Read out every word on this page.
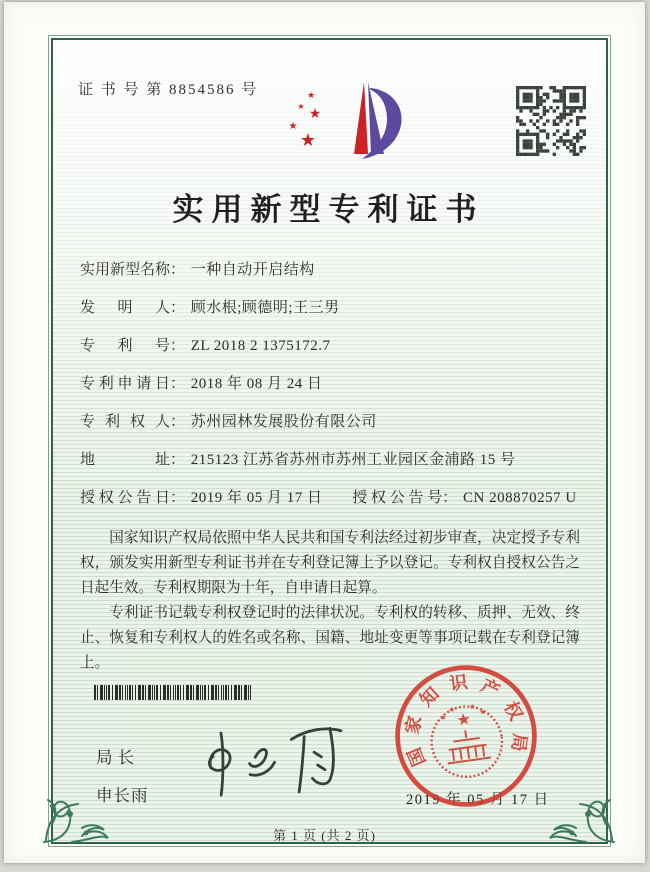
证 书 号 第 8854586 号	★
★
★
★
★
实用新型专利证书
实用新型名称： 一种自动开启结构
发明人： 顾水根;顾德明;王三男
专利号： ZL 2018 2 1375172.7
专利申请日： 2018 年 08 月 24 日
专利权人： 苏州园林发展股份有限公司
地址： 215123 江苏省苏州市苏州工业园区金浦路 15 号
授权公告日： 2019 年 05 月 17 日 授权公告号： CN 208870257 U

国家知识产权局依照中华人民共和国专利法经过初步审查，决定授予专利权，颁发实用新型专利证书并在专利登记簿上予以登记。专利权自授权公告之日起生效。专利权期限为十年，自申请日起算。

专利证书记载专利权登记时的法律状况。专利权的转移、质押、无效、终止、恢复和专利权人的姓名或名称、国籍、地址变更等事项记载在专利登记簿上。

局长
申长雨	2019 年 05 月 17 日
国
家
知
识 产
权
局
★
★
★ ★
★
第 1 页 (共 2 页)
